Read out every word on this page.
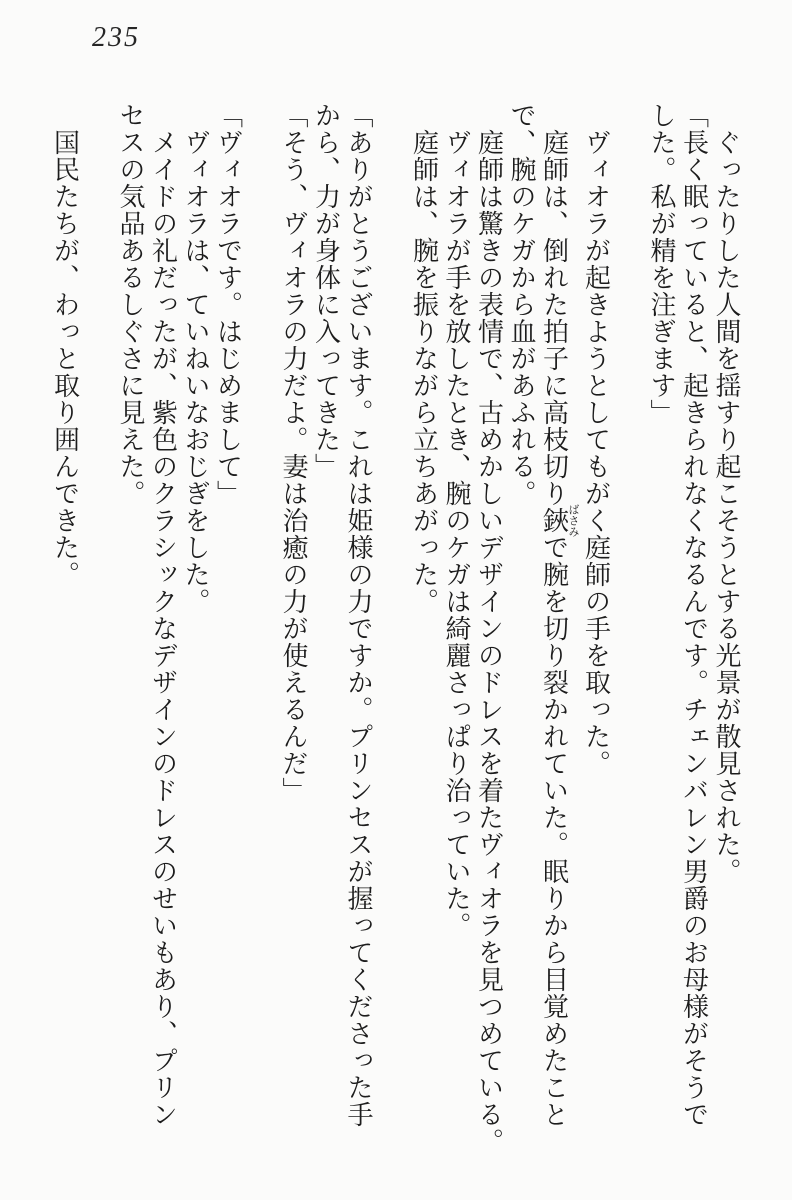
235

ぐったりした人間を揺すり起こそうとする光景が散見された。

「長く眠っていると、起きられなくなるんです。チェンバレン男爵のお母様がそうで

した。私が精を注ぎます」

ヴィオラが起きようとしてもがく庭師の手を取った。

庭師は、倒れた拍子に高枝切り鋏ばさみで腕を切り裂かれていた。眠りから目覚めたこと

で、腕のケガから血があふれる。

庭師は驚きの表情で、古めかしいデザインのドレスを着たヴィオラを見つめている。

ヴィオラが手を放したとき、腕のケガは綺麗さっぱり治っていた。

庭師は、腕を振りながら立ちあがった。

「ありがとうございます。これは姫様の力ですか。プリンセスが握ってくださった手

から、力が身体に入ってきた」

「そう、ヴィオラの力だよ。妻は治癒の力が使えるんだ」

「ヴィオラです。はじめまして」

ヴィオラは、ていねいなおじぎをした。

メイドの礼だったが、紫色のクラシックなデザインのドレスのせいもあり、プリン

セスの気品あるしぐさに見えた。

国民たちが、わっと取り囲んできた。
